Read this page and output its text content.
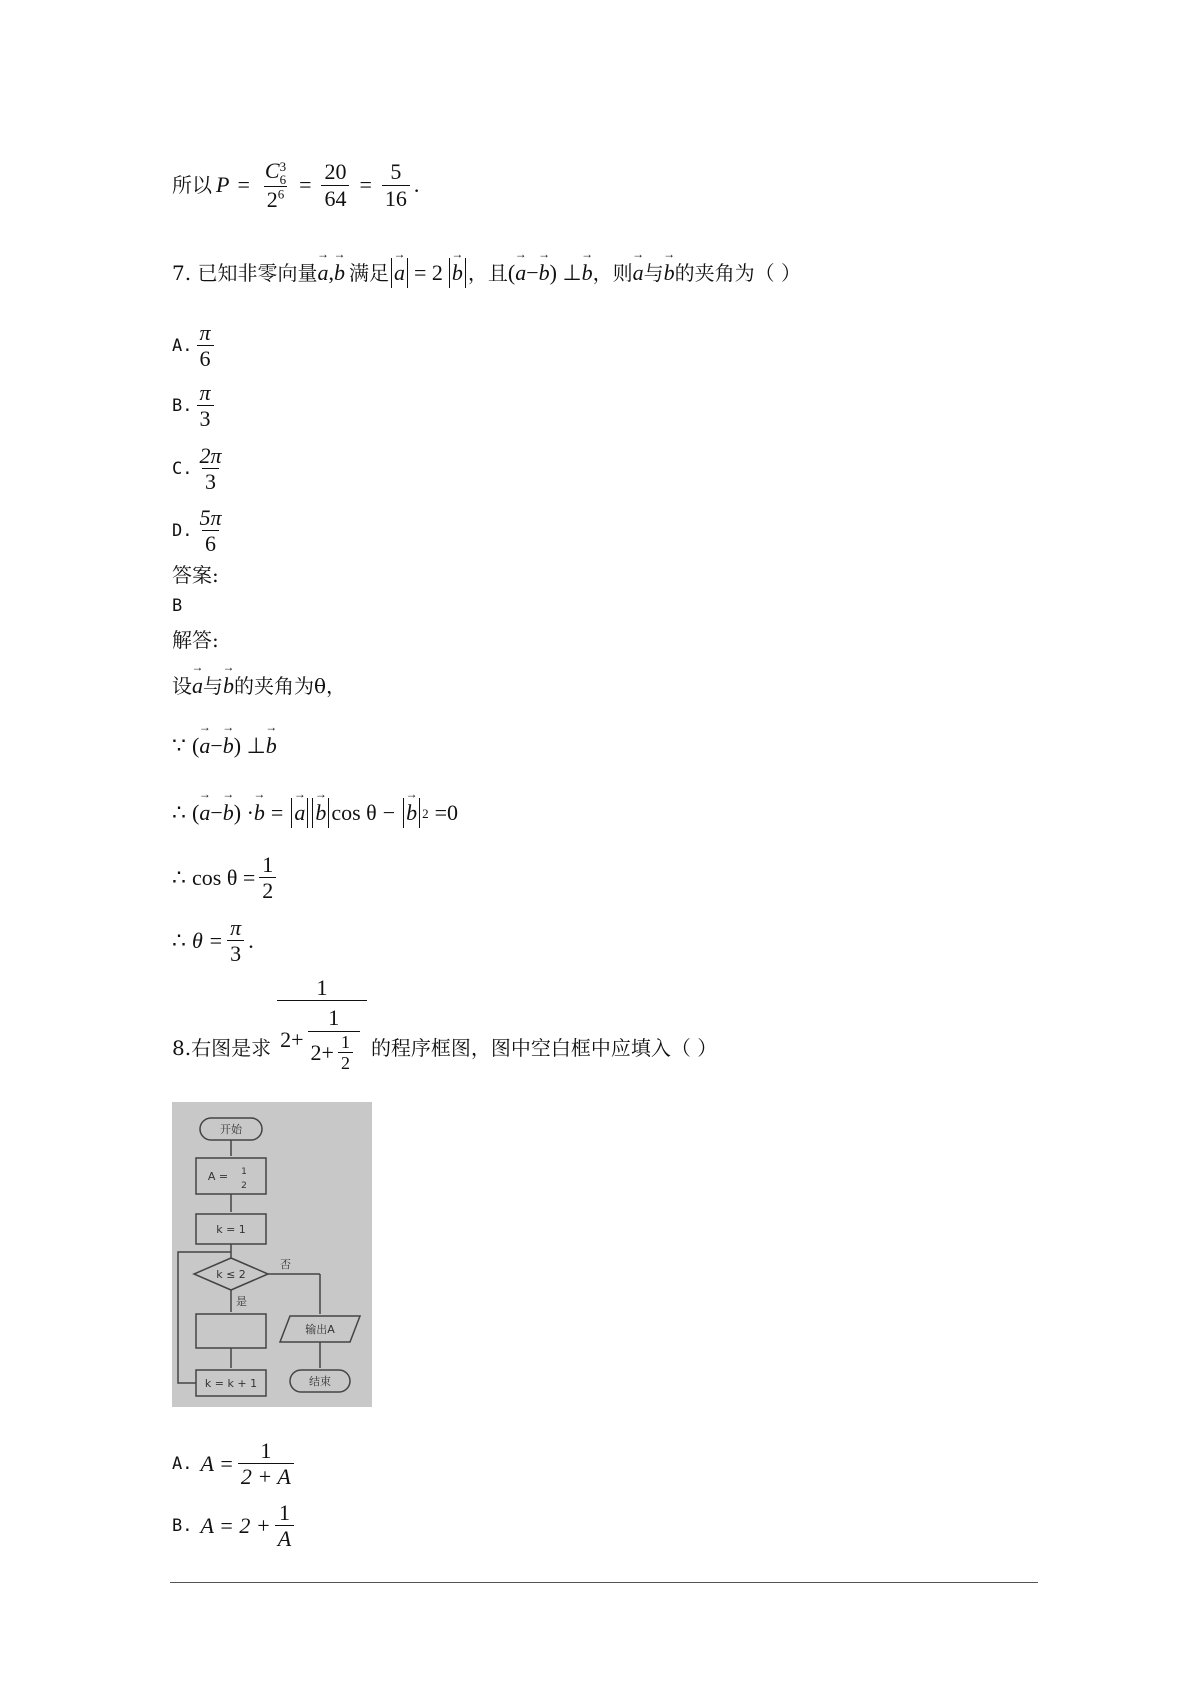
所以 P = C 3
6
$2^6 = \frac{20}{64} = \frac{5}{16}$ .
7. 已知非零向量 → a , → b 满足 → a = 2 → b ，且 ( → a − → b ) ⊥ → b ，则 → a 与 → b 的夹角为（ ）
A. $\frac{\pi}{6}$
B. $\frac{\pi}{3}$
C. $\frac{2\pi}{3}$
D. $\frac{5\pi}{6}$
答案:
B
解答:
设 → a 与 → b 的夹角为θ，
∵ ( → a − → b ) ⊥ → b
∴ ( → a − → b ) · → b = → a → b cos θ − → b 2 =0
∴ $\cos \theta = \frac{1}{2}$
∴ $\theta = \frac{\pi}{3}$ .
8.右图是求 $\frac{1}{2+ \frac{1}{2+ \frac{1}{2}}}$ 的程序框图，图中空白框中应填入（ ）
开始
A = 1
2
k = 1
k ≤ 2
否
是
输出A
结束
k = k + 1
A. $A = \frac{1}{2 + A}$
B. $A = 2 + \frac{1}{A}$
